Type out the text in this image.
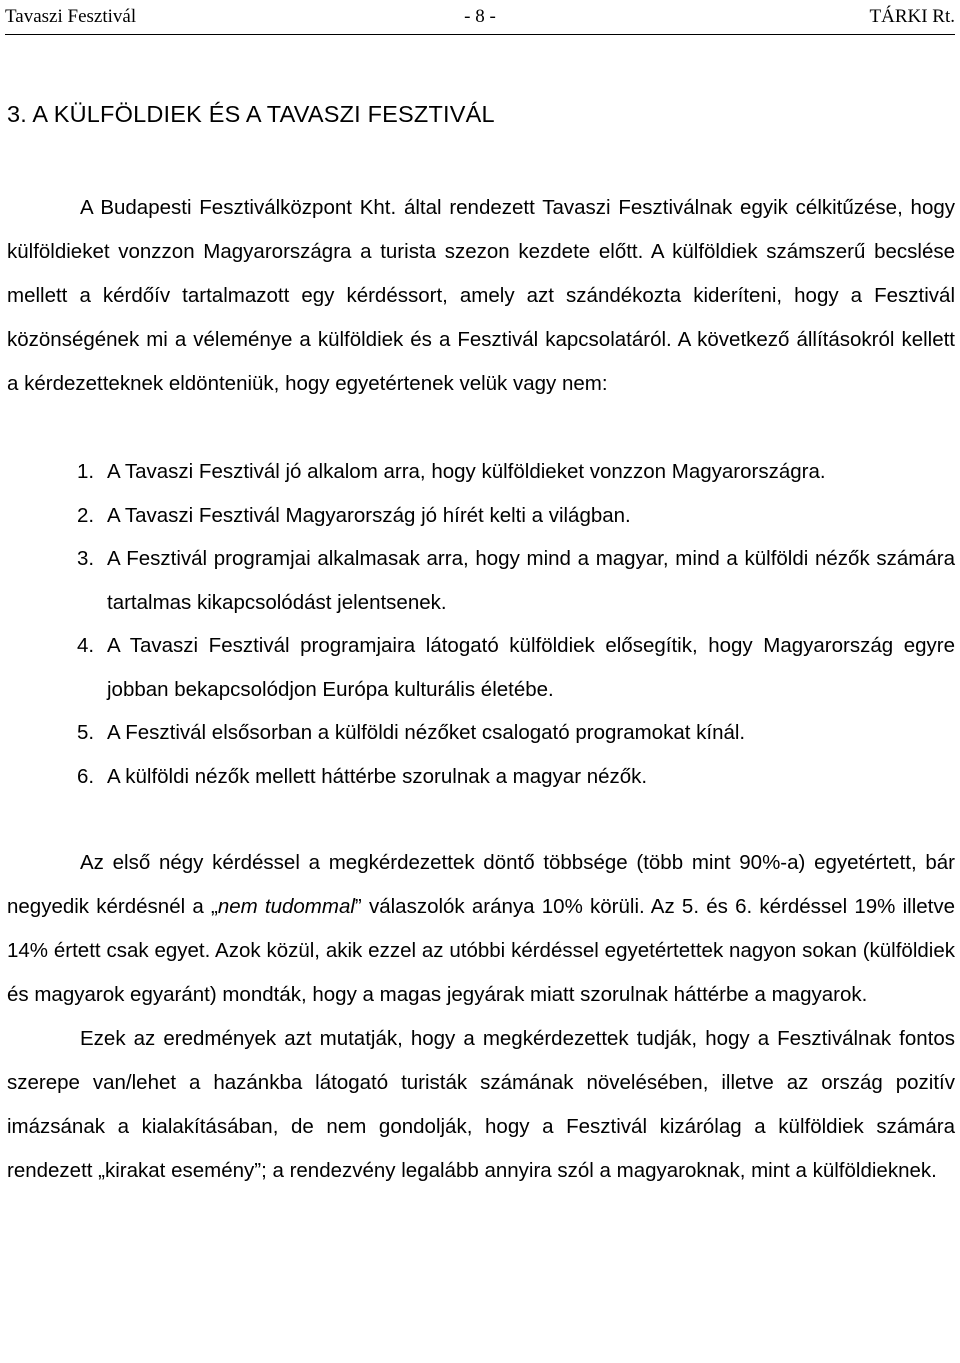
Tavaszi Fesztivál	- 8 -	TÁRKI Rt.
3. A KÜLFÖLDIEK ÉS A TAVASZI FESZTIVÁL

A Budapesti Fesztiválközpont Kht. által rendezett Tavaszi Fesztiválnak egyik célkitűzése, hogy külföldieket vonzzon Magyarországra a turista szezon kezdete előtt. A külföldiek számszerű becslése mellett a kérdőív tartalmazott egy kérdéssort, amely azt szándékozta kideríteni, hogy a Fesztivál közönségének mi a véleménye a külföldiek és a Fesztivál kapcsolatáról. A következő állításokról kellett a kérdezetteknek eldönteniük, hogy egyetértenek velük vagy nem:

1. A Tavaszi Fesztivál jó alkalom arra, hogy külföldieket vonzzon Magyarországra.
2. A Tavaszi Fesztivál Magyarország jó hírét kelti a világban.
3. A Fesztivál programjai alkalmasak arra, hogy mind a magyar, mind a külföldi nézők számára tartalmas kikapcsolódást jelentsenek.
4. A Tavaszi Fesztivál programjaira látogató külföldiek elősegítik, hogy Magyarország egyre jobban bekapcsolódjon Európa kulturális életébe.
5. A Fesztivál elsősorban a külföldi nézőket csalogató programokat kínál.
6. A külföldi nézők mellett háttérbe szorulnak a magyar nézők.

Az első négy kérdéssel a megkérdezettek döntő többsége (több mint 90%-a) egyetértett, bár negyedik kérdésnél a „nem tudommal” válaszolók aránya 10% körüli. Az 5. és 6. kérdéssel 19% illetve 14% értett csak egyet. Azok közül, akik ezzel az utóbbi kérdéssel egyetértettek nagyon sokan (külföldiek és magyarok egyaránt) mondták, hogy a magas jegyárak miatt szorulnak háttérbe a magyarok.

Ezek az eredmények azt mutatják, hogy a megkérdezettek tudják, hogy a Fesztiválnak fontos szerepe van/lehet a hazánkba látogató turisták számának növelésében, illetve az ország pozitív imázsának a kialakításában, de nem gondolják, hogy a Fesztivál kizárólag a külföldiek számára rendezett „kirakat esemény”; a rendezvény legalább annyira szól a magyaroknak, mint a külföldieknek.
